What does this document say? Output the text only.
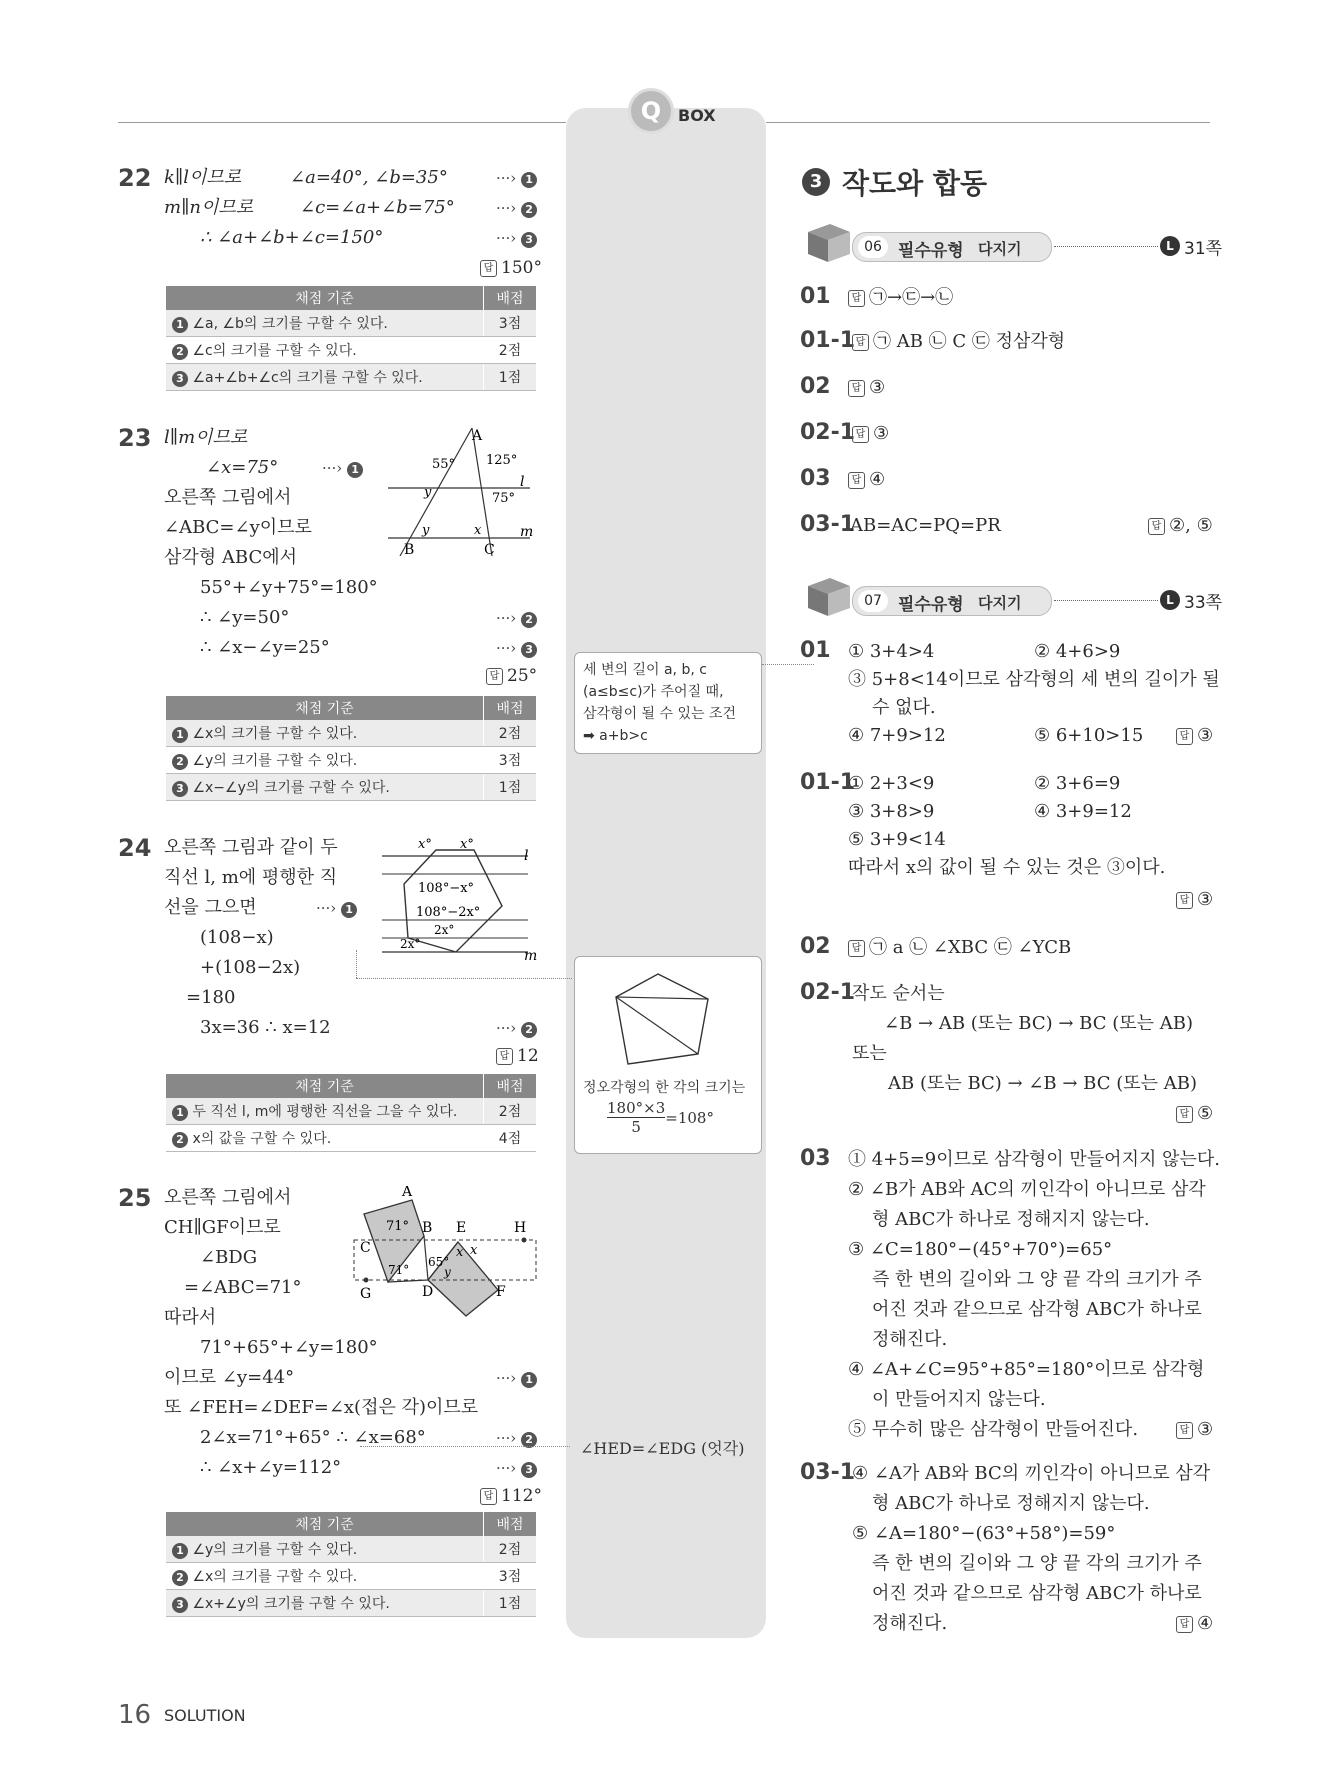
Q	BOX
22 k∥l이므로	∠a=40°, ∠b=35°	···› 1
m∥n이므로	∠c=∠a+∠b=75°	···› 2
∴ ∠a+∠b+∠c=150°	···› 3
답 150°
채점 기준	배점
1 ∠a, ∠b의 크기를 구할 수 있다.	3점
2 ∠c의 크기를 구할 수 있다.	2점
3 ∠a+∠b+∠c의 크기를 구할 수 있다.	1점
23 l∥m이므로
∠x=75°	···› 1
오른쪽 그림에서
∠ABC=∠y이므로
삼각형 ABC에서
55°+∠y+75°=180°
∴ ∠y=50°	···› 2
∴ ∠x−∠y=25°	···› 3
답 25°
A
55° 125°
75°
l
m
y
y	x
B	C
채점 기준	배점
1 ∠x의 크기를 구할 수 있다.	2점
2 ∠y의 크기를 구할 수 있다.	3점
3 ∠x−∠y의 크기를 구할 수 있다.	1점
24 오른쪽 그림과 같이 두
직선 l, m에 평행한 직
선을 그으면	···› 1
(108−x)
+(108−2x)
=180
3x=36 ∴ x=12	···› 2
답 12
x° x°
108°−x°
108°−2x°
2x°
2x°
l
m
채점 기준	배점
1 두 직선 l, m에 평행한 직선을 그을 수 있다.	2점
2 x의 값을 구할 수 있다.	4점
25 오른쪽 그림에서
CH∥GF이므로
∠BDG
=∠ABC=71°
따라서
71°+65°+∠y=180°
이므로 ∠y=44°	···› 1
또 ∠FEH=∠DEF=∠x(접은 각)이므로
2∠x=71°+65° ∴ ∠x=68°	···› 2
∴ ∠x+∠y=112°	···› 3
답 112°
A
71° B E	H
C	x
x
65°
71°	y
G	D	F
채점 기준	배점
1 ∠y의 크기를 구할 수 있다.	2점
2 ∠x의 크기를 구할 수 있다.	3점
3 ∠x+∠y의 크기를 구할 수 있다.	1점
세 변의 길이 a, b, c
(a≤b≤c)가 주어질 때,
삼각형이 될 수 있는 조건
➡ a+b>c
정오각형의 한 각의 크기는
$\frac{180^\circ\times 3}{5} =108^\circ$
∠HED=∠EDG (엇각)
3 작도와 합동
06 필수유형 다지기	L 31쪽
01	답 ㉠→㉢→㉡
01-1 답 ㉠ AB ㉡ C ㉢ 정삼각형
02	답 ③
02-1 답 ③
03	답 ④
03-1
AB=AC=PQ=PR	답 ②, ⑤
07 필수유형 다지기	L 33쪽
01 ① 3+4>4	② 4+6>9
③ 5+8<14이므로 삼각형의 세 변의 길이가 될
수 없다.
④ 7+9>12	⑤ 6+10>15	답 ③
01-1
① 2+3<9	② 3+6=9
③ 3+8>9	④ 3+9=12
⑤ 3+9<14
따라서 x의 값이 될 수 있는 것은 ③이다.
답 ③
02	답 ㉠ a ㉡ ∠XBC ㉢ ∠YCB
02-1
작도 순서는
∠B → AB (또는 BC) → BC (또는 AB)
또는
AB (또는 BC) → ∠B → BC (또는 AB)
답 ⑤
03 ① 4+5=9이므로 삼각형이 만들어지지 않는다.
② ∠B가 AB와 AC의 끼인각이 아니므로 삼각
형 ABC가 하나로 정해지지 않는다.
③ ∠C=180°−(45°+70°)=65°
즉 한 변의 길이와 그 양 끝 각의 크기가 주
어진 것과 같으므로 삼각형 ABC가 하나로
정해진다.
④ ∠A+∠C=95°+85°=180°이므로 삼각형
이 만들어지지 않는다.
⑤ 무수히 많은 삼각형이 만들어진다.	답 ③
03-1
④ ∠A가 AB와 BC의 끼인각이 아니므로 삼각
형 ABC가 하나로 정해지지 않는다.
⑤ ∠A=180°−(63°+58°)=59°
즉 한 변의 길이와 그 양 끝 각의 크기가 주
어진 것과 같으므로 삼각형 ABC가 하나로
정해진다.	답 ④
16 SOLUTION
